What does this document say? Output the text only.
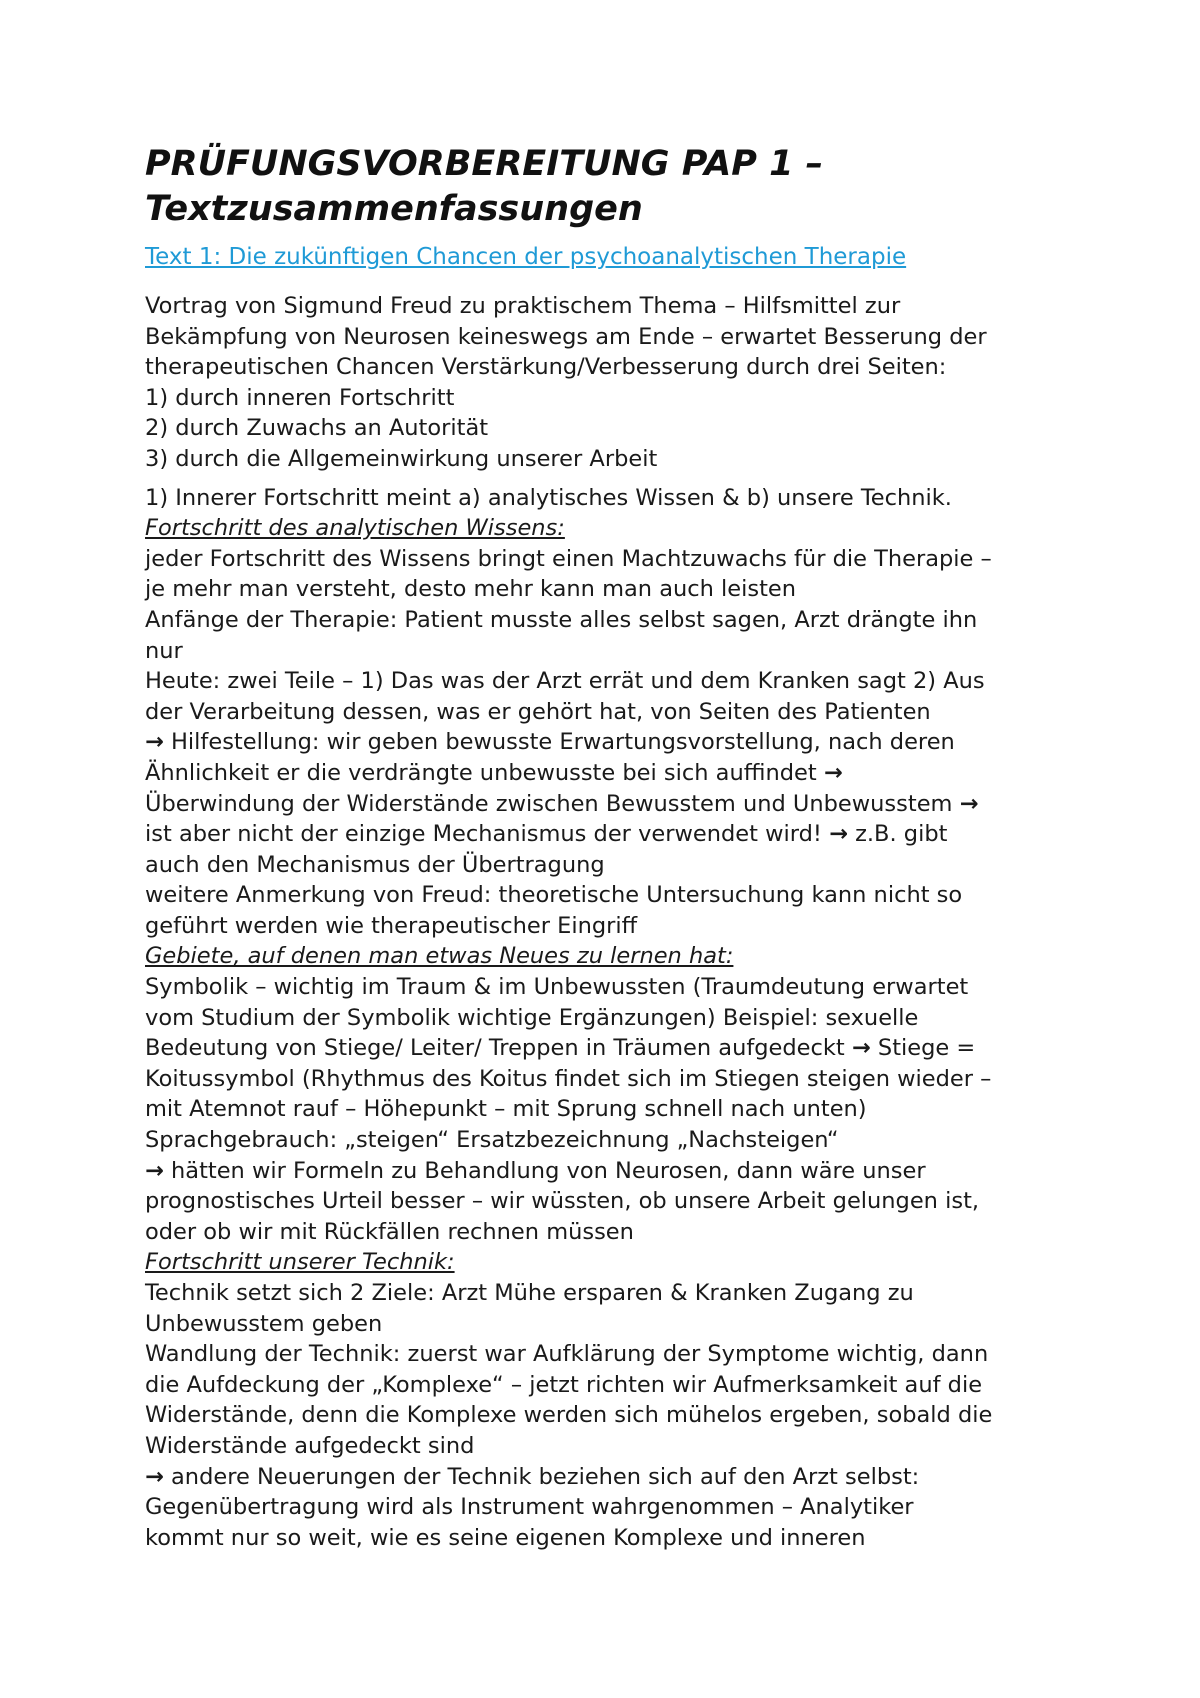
PRÜFUNGSVORBEREITUNG PAP 1 –
Textzusammenfassungen
Text 1: Die zukünftigen Chancen der psychoanalytischen Therapie
Vortrag von Sigmund Freud zu praktischem Thema – Hilfsmittel zur
Bekämpfung von Neurosen keineswegs am Ende – erwartet Besserung der
therapeutischen Chancen Verstärkung/Verbesserung durch drei Seiten:
1) durch inneren Fortschritt
2) durch Zuwachs an Autorität
3) durch die Allgemeinwirkung unserer Arbeit
1) Innerer Fortschritt meint a) analytisches Wissen & b) unsere Technik.
Fortschritt des analytischen Wissens:
jeder Fortschritt des Wissens bringt einen Machtzuwachs für die Therapie –
je mehr man versteht, desto mehr kann man auch leisten
Anfänge der Therapie: Patient musste alles selbst sagen, Arzt drängte ihn
nur
Heute: zwei Teile – 1) Das was der Arzt errät und dem Kranken sagt 2) Aus
der Verarbeitung dessen, was er gehört hat, von Seiten des Patienten
→ Hilfestellung: wir geben bewusste Erwartungsvorstellung, nach deren
Ähnlichkeit er die verdrängte unbewusste bei sich auffindet →
Überwindung der Widerstände zwischen Bewusstem und Unbewusstem →
ist aber nicht der einzige Mechanismus der verwendet wird! → z.B. gibt
auch den Mechanismus der Übertragung
weitere Anmerkung von Freud: theoretische Untersuchung kann nicht so
geführt werden wie therapeutischer Eingriff
Gebiete, auf denen man etwas Neues zu lernen hat:
Symbolik – wichtig im Traum & im Unbewussten (Traumdeutung erwartet
vom Studium der Symbolik wichtige Ergänzungen) Beispiel: sexuelle
Bedeutung von Stiege/ Leiter/ Treppen in Träumen aufgedeckt → Stiege =
Koitussymbol (Rhythmus des Koitus findet sich im Stiegen steigen wieder –
mit Atemnot rauf – Höhepunkt – mit Sprung schnell nach unten)
Sprachgebrauch: „steigen“ Ersatzbezeichnung „Nachsteigen“
→ hätten wir Formeln zu Behandlung von Neurosen, dann wäre unser
prognostisches Urteil besser – wir wüssten, ob unsere Arbeit gelungen ist,
oder ob wir mit Rückfällen rechnen müssen
Fortschritt unserer Technik:
Technik setzt sich 2 Ziele: Arzt Mühe ersparen & Kranken Zugang zu
Unbewusstem geben
Wandlung der Technik: zuerst war Aufklärung der Symptome wichtig, dann
die Aufdeckung der „Komplexe“ – jetzt richten wir Aufmerksamkeit auf die
Widerstände, denn die Komplexe werden sich mühelos ergeben, sobald die
Widerstände aufgedeckt sind
→ andere Neuerungen der Technik beziehen sich auf den Arzt selbst:
Gegenübertragung wird als Instrument wahrgenommen – Analytiker
kommt nur so weit, wie es seine eigenen Komplexe und inneren
